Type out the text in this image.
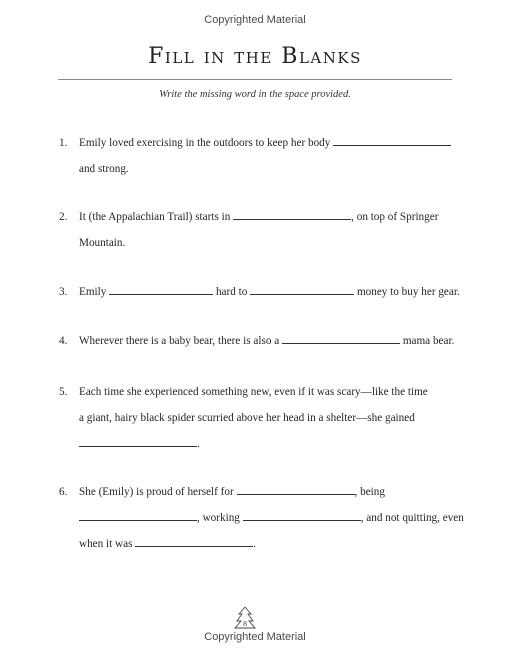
Copyrighted Material
Fill in the Blanks
Write the missing word in the space provided.
1. Emily loved exercising in the outdoors to keep her body
and strong.
2. It (the Appalachian Trail) starts in	, on top of Springer
Mountain.
3. Emily	hard to	money to buy her gear.
4. Wherever there is a baby bear, there is also a	mama bear.
5. Each time she experienced something new, even if it was scary—like the time
a giant, hairy black spider scurried above her head in a shelter—she gained
.
6. She (Emily) is proud of herself for	, being
, working	, and not quitting, even
when it was	.
8
Copyrighted Material
